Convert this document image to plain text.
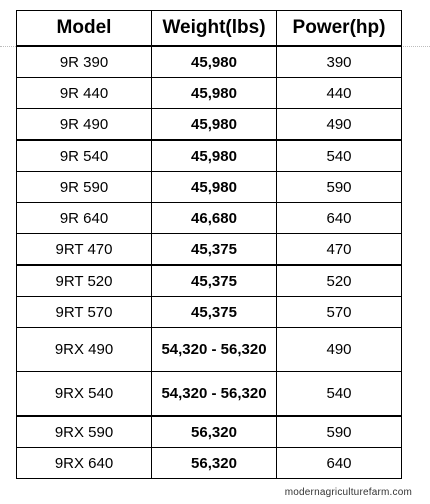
Model	Weight(lbs)	Power(hp)
9R 390	45,980	390
9R 440	45,980	440
9R 490	45,980	490
9R 540	45,980	540
9R 590	45,980	590
9R 640	46,680	640
9RT 470	45,375	470
9RT 520	45,375	520
9RT 570	45,375	570
9RX 490	54,320 - 56,320	490
9RX 540	54,320 - 56,320	540
9RX 590	56,320	590
9RX 640	56,320	640
modernagriculturefarm.com
